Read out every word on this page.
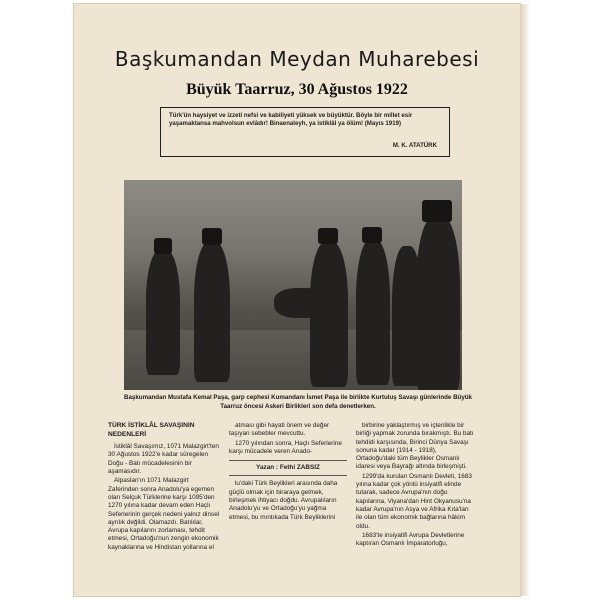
Başkumandan Meydan Muharebesi
Büyük Taarruz, 30 Ağustos 1922
Türk'ün haysiyet ve izzeti nefsi ve kabiliyeti yüksek ve büyüktür. Böyle bir millet esir yaşamaktansa mahvolsun evlâdır! Binaenaleyh, ya istiklâl ya ölüm! (Mayıs 1919)
M. K. ATATÜRK
Başkumandan Mustafa Kemal Paşa, garp cephesi Kumandanı İsmet Paşa ile birlikte Kurtuluş Savaşı günlerinde Büyük Taarruz öncesi Askeri Birlikleri son defa denetlerken.
TÜRK İSTİKLÂL SAVAŞININ NEDENLERİ

İstiklâl Savaşımız, 1071 Malazgirt'ten 30 Ağustos 1922'e kadar süregelen Doğu - Batı mücadelesinin bir aşamasıdır.

Alpaslan'ın 1071 Malazgirt Zaferinden sonra Anadolu'ya egemen olan Selçuk Türklerine karşı 1095'den 1270 yılına kadar devam eden Haçlı Seferlerinin gerçek nedeni yalnız dinsel ayrılık değildi. Olamazdı. Batılılar, Avrupa kapılarını zorlaması, tehdit etmesi, Ortadoğu'nun zengin ekonomik kaynaklarına ve Hindistan yollarına el

atması gibi hayati önem ve değer taşıyan sebebler mevcuttu.

1270 yılından sonra, Haçlı Seferlerine karşı mücadele veren Anado-

Yazan : Fethi ZABSIZ

lu'daki Türk Beylikleri arasında daha güçlü olmak için biraraya gelmek, birleşmek ihtiyacı doğdu. Avrupalıların Anadolu'yu ve Ortadoğu'yu yağma etmesi, bu mıntıkada Türk Beyliklerini

birbirine yaklaştırmış ve içtenlikle bir birliği yapmak zorunda bırakmıştı. Bu batı tehdidi karşısında, Birinci Dünya Savaşı sonuna kadar (1914 - 1918), Ortadoğu'daki tüm Beylikler Osmanlı idaresi veya Bayrağı altında birleşmişti.

1299'da kurulan Osmanlı Devleti, 1683 yılına kadar çok yönlü insiyatifi elinde tutarak, sadece Avrupa'nın doğu kapılarına, Viyana'dan Hint Okyanusu'na kadar Avrupa'nın Asya ve Afrika Kıta'ları ile olan tüm ekonomik bağlarına hâkim oldu.

1683'te insiyatifi Avrupa Devletlerine kaptıran Osmanlı İmparatorluğu,
